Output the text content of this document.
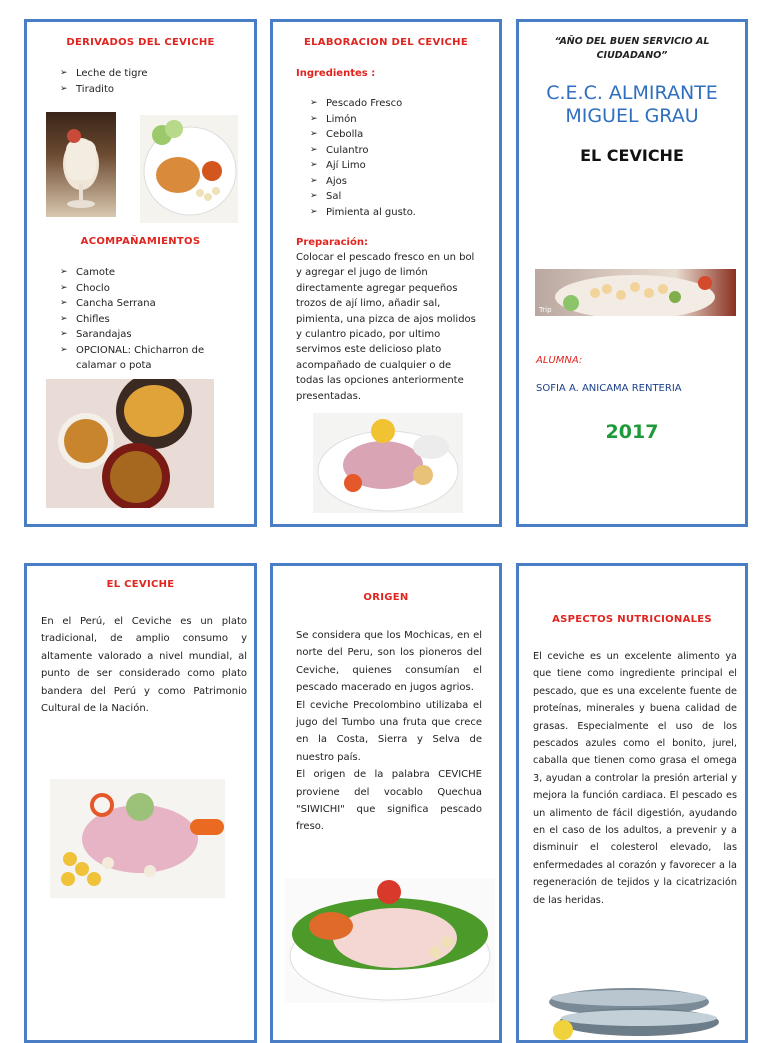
DERIVADOS DEL CEVICHE
➢ Leche de tigre
➢ Tiradito
ACOMPAÑAMIENTOS
➢ Camote
➢ Choclo
➢ Cancha Serrana
➢ Chifles
➢ Sarandajas
➢ OPCIONAL: Chicharron de calamar o pota
ELABORACION DEL CEVICHE
Ingredientes :
➢ Pescado Fresco
➢ Limón
➢ Cebolla
➢ Culantro
➢ Ají Limo
➢ Ajos
➢ Sal
➢ Pimienta al gusto.
Preparación:
Colocar el pescado fresco en un bol y agregar el jugo de limón directamente agregar pequeños trozos de ají limo, añadir sal, pimienta, una pizca de ajos molidos y culantro picado, por ultimo servimos este delicioso plato acompañado de cualquier o de todas las opciones anteriormente presentadas.
“AÑO DEL BUEN SERVICIO AL CIUDADANO”
C.E.C. ALMIRANTE MIGUEL GRAU
EL CEVICHE
Trip
ALUMNA:
SOFIA A. ANICAMA RENTERIA
2017
EL CEVICHE
En el Perú, el Ceviche es un plato tradicional, de amplio consumo y altamente valorado a nivel mundial, al punto de ser considerado como plato bandera del Perú y como Patrimonio Cultural de la Nación.
ORIGEN
Se considera que los Mochicas, en el norte del Peru, son los pioneros del Ceviche, quienes consumían el pescado macerado en jugos agrios.
El ceviche Precolombino utilizaba el jugo del Tumbo una fruta que crece en la Costa, Sierra y Selva de nuestro país.
El origen de la palabra CEVICHE proviene del vocablo Quechua "SIWICHI" que significa pescado freso.
ASPECTOS NUTRICIONALES
El ceviche es un excelente alimento ya que tiene como ingrediente principal el pescado, que es una excelente fuente de proteínas, minerales y buena calidad de grasas. Especialmente el uso de los pescados azules como el bonito, jurel, caballa que tienen como grasa el omega 3, ayudan a controlar la presión arterial y mejora la función cardiaca. El pescado es un alimento de fácil digestión, ayudando en el caso de los adultos, a prevenir y a disminuir el colesterol elevado, las enfermedades al corazón y favorecer a la regeneración de tejidos y la cicatrización de las heridas.
